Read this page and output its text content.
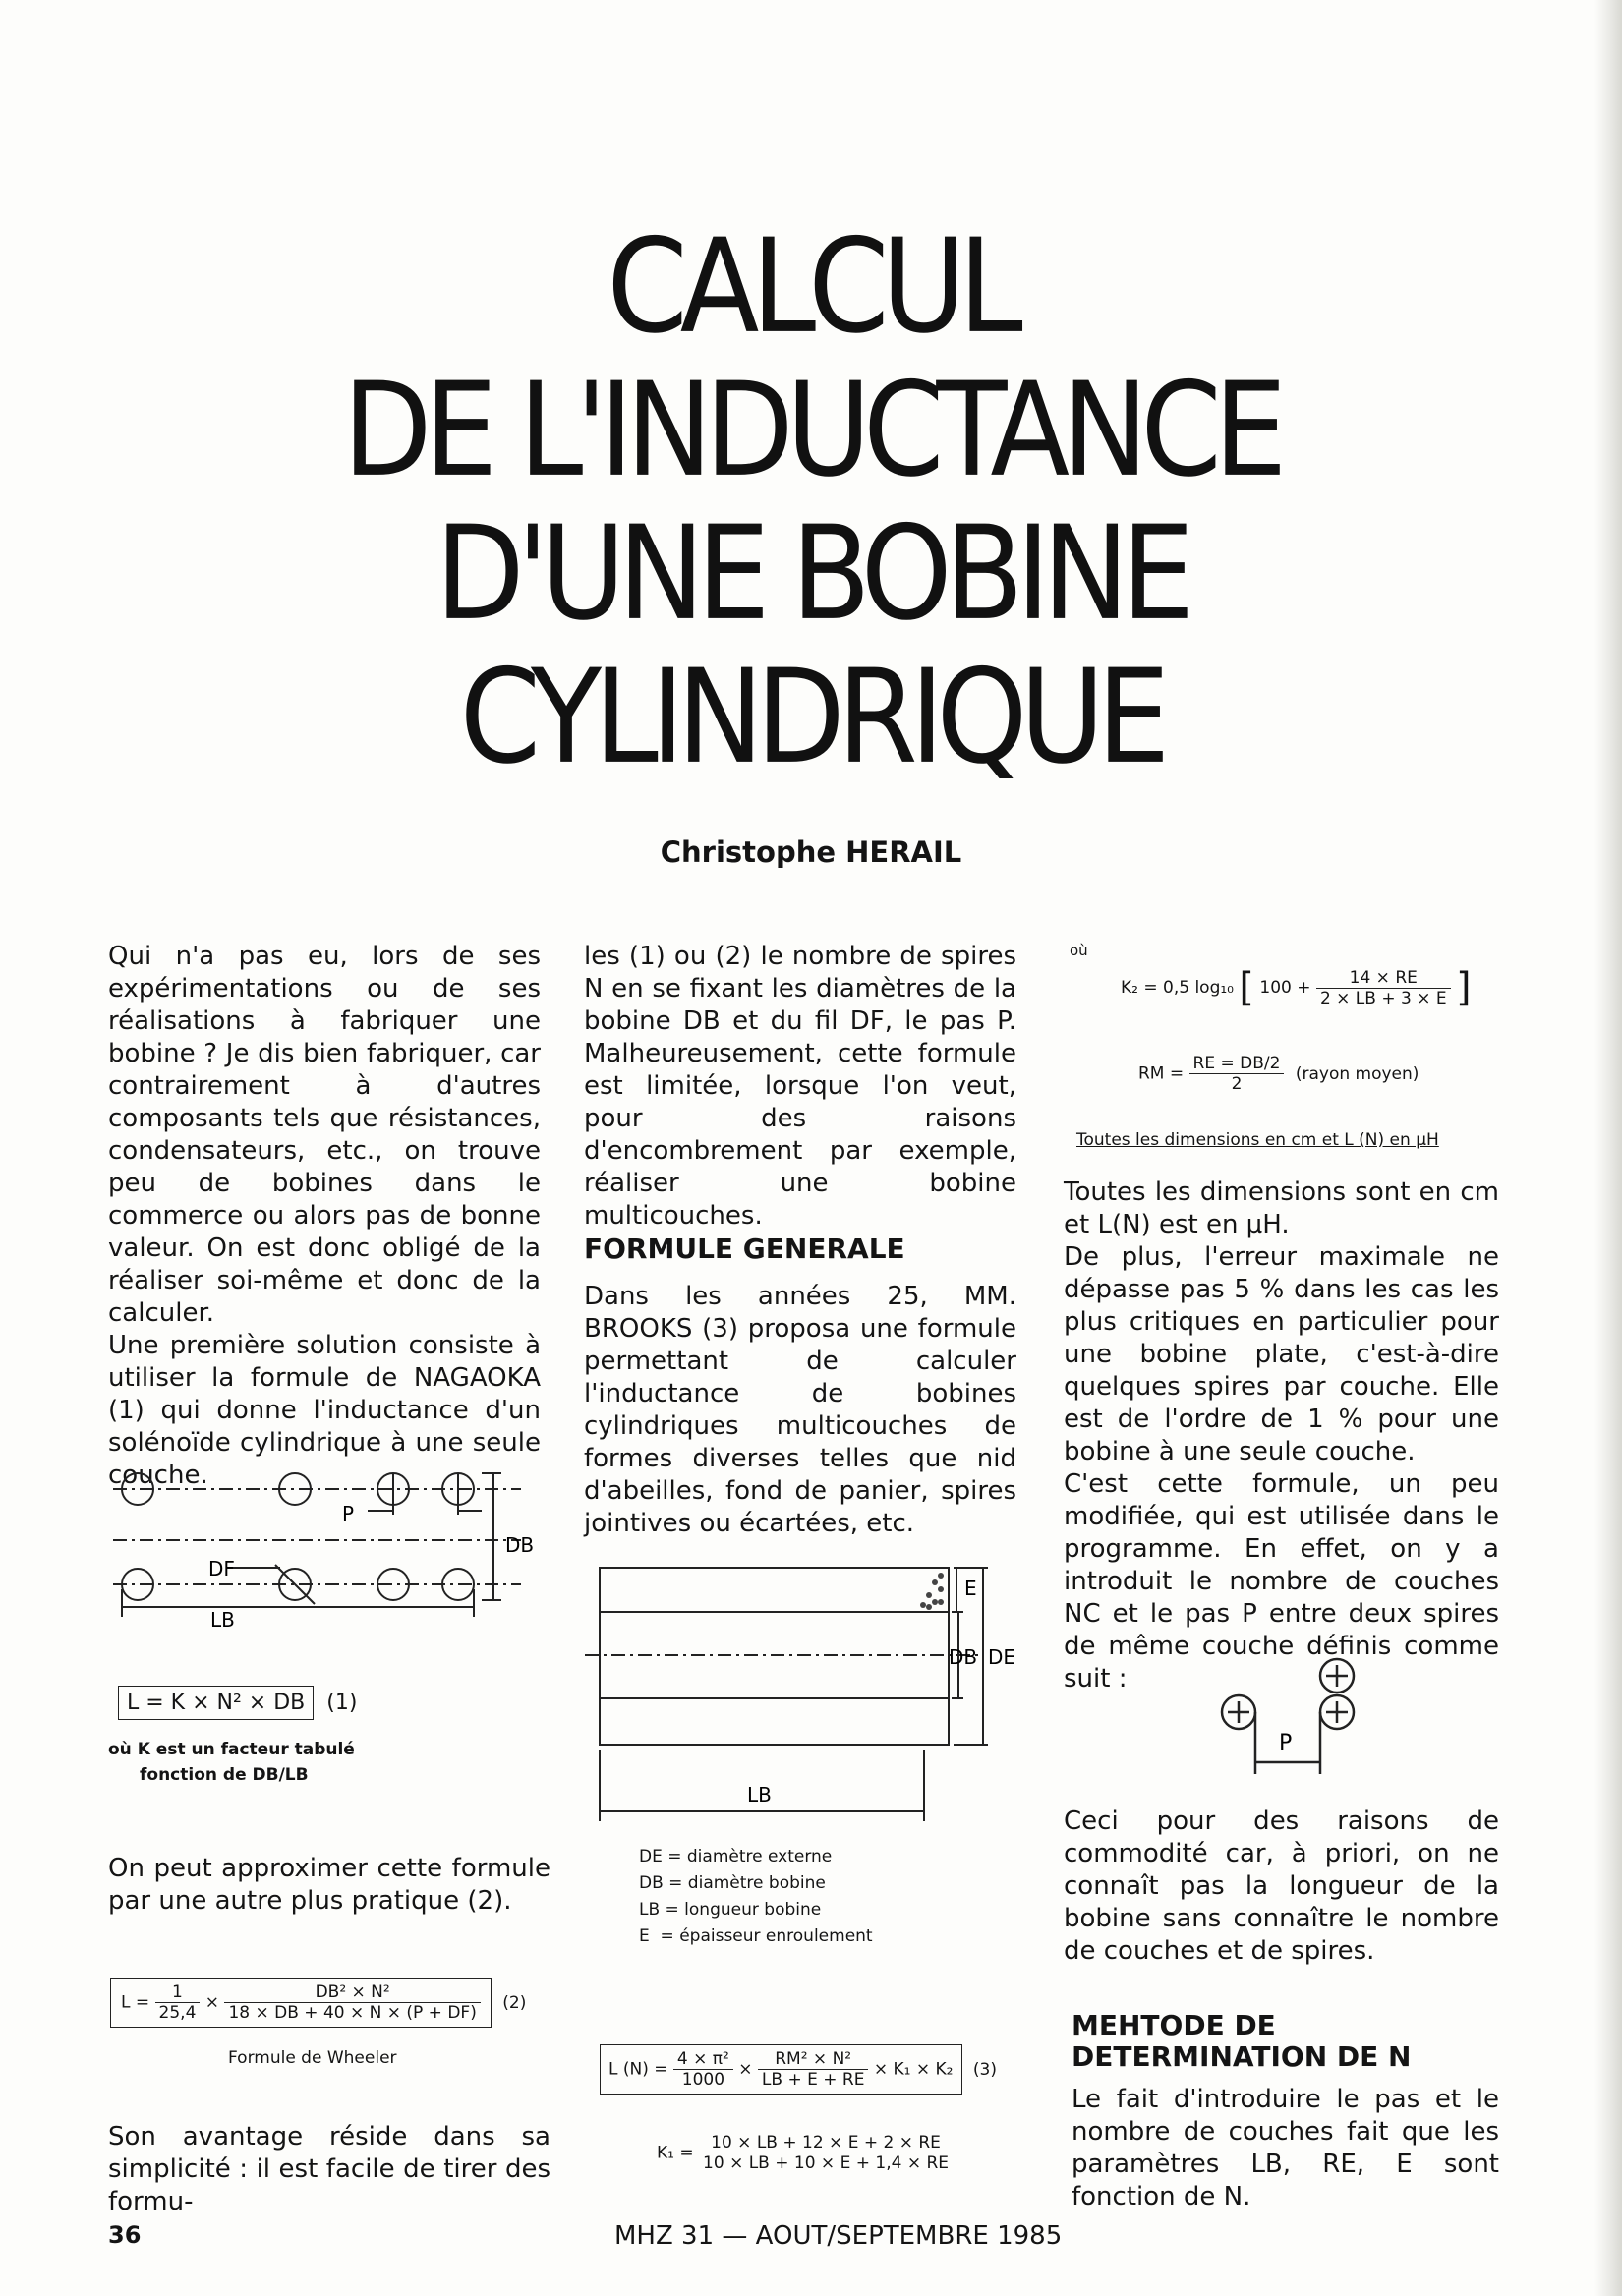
CALCUL
DE L'INDUCTANCE
D'UNE BOBINE
CYLINDRIQUE
Christophe HERAIL

Qui n'a pas eu, lors de ses expérimentations ou de ses réalisations à fabriquer une bobine ? Je dis bien fabriquer, car contrairement à d'autres composants tels que résistances, condensateurs, etc., on trouve peu de bobines dans le commerce ou alors pas de bonne valeur. On est donc obligé de la réaliser soi-même et donc de la calculer.

Une première solution consiste à utiliser la formule de NAGAOKA (1) qui donne l'inductance d'un solénoïde cylindrique à une seule couche.

P
DF
LB
DB
L = K × N² × DB (1)
où K est un facteur tabulé
fonction de DB/LB

On peut approximer cette formule par une autre plus pratique (2).

$L = \frac{1}{25,4} \times \frac{\text{DB² × N²}}{18 \times DB + 40 \times N \times (P + DF)} (2)$
Formule de Wheeler

Son avantage réside dans sa simplicité : il est facile de tirer des formu-

les (1) ou (2) le nombre de spires N en se fixant les diamètres de la bobine DB et du fil DF, le pas P. Malheureusement, cette formule est limitée, lorsque l'on veut, pour des raisons d'encombrement par exemple, réaliser une bobine multicouches.

FORMULE GENERALE

Dans les années 25, MM. BROOKS (3) proposa une formule permettant de calculer l'inductance de bobines cylindriques multicouches de formes diverses telles que nid d'abeilles, fond de panier, spires jointives ou écartées, etc.

E
DB DE
LB
DE = diamètre externe
DB = diamètre bobine
LB = longueur bobine
E  = épaisseur enroulement
L $(N) = \frac{\text{4 × π²}}{1000} \times \frac{\text{RM² × N²}}{LB + E + RE} \times K_1 \times K_2$ (3)
$K_1 = \frac{10 \times LB + 12 \times E + 2 \times RE}{10 \times LB + 10 \times E + 1,4 \times RE}$
où
K₂ = 0,5 log₁₀ [ $100 + \frac{14 \times RE}{2 \times LB + 3 \times E}$ ]
RM = $\frac{RE = DB/2}{2}$ (rayon moyen)
Toutes les dimensions en cm et L (N) en µH

Toutes les dimensions sont en cm et L(N) est en µH.

De plus, l'erreur maximale ne dépasse pas 5 % dans les cas les plus critiques en particulier pour une bobine plate, c'est-à-dire quelques spires par couche. Elle est de l'ordre de 1 % pour une bobine à une seule couche.

C'est cette formule, un peu modifiée, qui est utilisée dans le programme. En effet, on y a introduit le nombre de couches NC et le pas P entre deux spires de même couche définis comme suit :

P

Ceci pour des raisons de commodité car, à priori, on ne connaît pas la longueur de la bobine sans connaître le nombre de couches et de spires.

MEHTODE DE
DETERMINATION DE N

Le fait d'introduire le pas et le nombre de couches fait que les paramètres LB, RE, E sont fonction de N.

36	MHZ 31 — AOUT/SEPTEMBRE 1985
